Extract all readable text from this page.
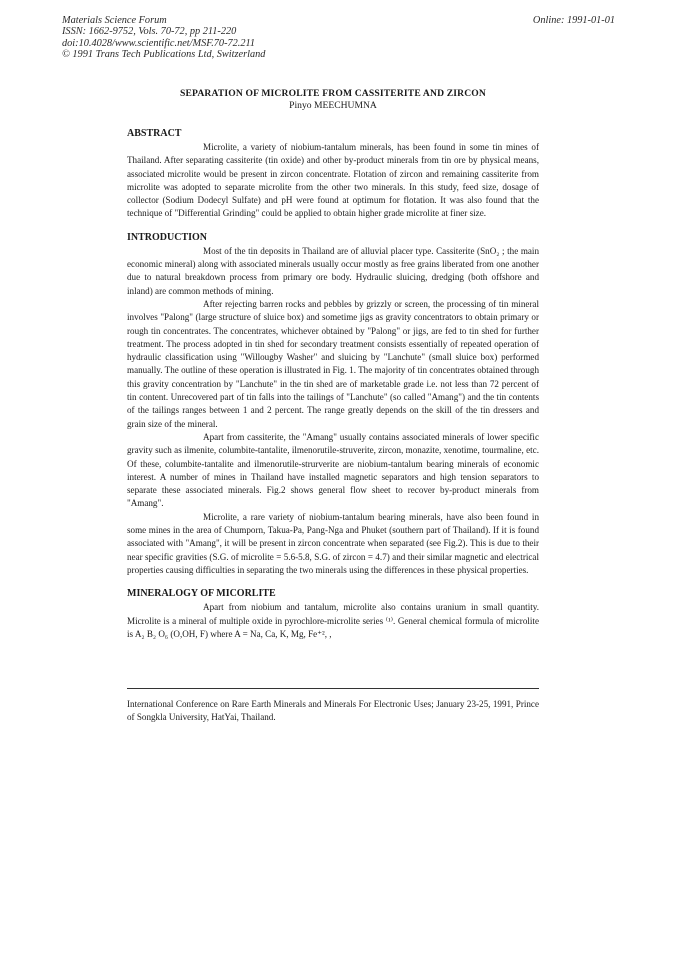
Materials Science Forum
ISSN: 1662-9752, Vols. 70-72, pp 211-220
doi:10.4028/www.scientific.net/MSF.70-72.211
© 1991 Trans Tech Publications Ltd, Switzerland
Online: 1991-01-01
SEPARATION OF MICROLITE FROM CASSITERITE AND ZIRCON
Pinyo MEECHUMNA
ABSTRACT

Microlite, a variety of niobium-tantalum minerals, has been found in some tin mines of Thailand. After separating cassiterite (tin oxide) and other by-product minerals from tin ore by physical means, associated microlite would be present in zircon concentrate. Flotation of zircon and remaining cassiterite from microlite was adopted to separate microlite from the other two minerals. In this study, feed size, dosage of collector (Sodium Dodecyl Sulfate) and pH were found at optimum for flotation. It was also found that the technique of "Differential Grinding" could be applied to obtain higher grade microlite at finer size.

INTRODUCTION

Most of the tin deposits in Thailand are of alluvial placer type. Cassiterite (SnO₂ ; the main economic mineral) along with associated minerals usually occur mostly as free grains liberated from one another due to natural breakdown process from primary ore body. Hydraulic sluicing, dredging (both offshore and inland) are common methods of mining.

After rejecting barren rocks and pebbles by grizzly or screen, the processing of tin mineral involves "Palong" (large structure of sluice box) and sometime jigs as gravity concentrators to obtain primary or rough tin concentrates. The concentrates, whichever obtained by "Palong" or jigs, are fed to tin shed for further treatment. The process adopted in tin shed for secondary treatment consists essentially of repeated operation of hydraulic classification using "Willougby Washer" and sluicing by "Lanchute" (small sluice box) performed manually. The outline of these operation is illustrated in Fig. 1. The majority of tin concentrates obtained through this gravity concentration by "Lanchute" in the tin shed are of marketable grade i.e. not less than 72 percent of tin content. Unrecovered part of tin falls into the tailings of "Lanchute" (so called "Amang") and the tin contents of the tailings ranges between 1 and 2 percent. The range greatly depends on the skill of the tin dressers and grain size of the mineral.

Apart from cassiterite, the "Amang" usually contains associated minerals of lower specific gravity such as ilmenite, columbite-tantalite, ilmenorutile-struverite, zircon, monazite, xenotime, tourmaline, etc. Of these, columbite-tantalite and ilmenorutile-strurverite are niobium-tantalum bearing minerals of economic interest. A number of mines in Thailand have installed magnetic separators and high tension separators to separate these associated minerals. Fig.2 shows general flow sheet to recover by-product minerals from "Amang".

Microlite, a rare variety of niobium-tantalum bearing minerals, have also been found in some mines in the area of Chumporn, Takua-Pa, Pang-Nga and Phuket (southern part of Thailand). If it is found associated with "Amang", it will be present in zircon concentrate when separated (see Fig.2). This is due to their near specific gravities (S.G. of microlite = 5.6-5.8, S.G. of zircon = 4.7) and their similar magnetic and electrical properties causing difficulties in separating the two minerals using the differences in these physical properties.

MINERALOGY OF MICORLITE

Apart from niobium and tantalum, microlite also contains uranium in small quantity. Microlite is a mineral of multiple oxide in pyrochlore-microlite series ⁽¹⁾. General chemical formula of microlite is A₂ B₂ O₆ (O,OH, F) where A = Na, Ca, K, Mg, Fe⁺², ,

International Conference on Rare Earth Minerals and Minerals For Electronic Uses; January 23-25, 1991, Prince of Songkla University, HatYai, Thailand.
